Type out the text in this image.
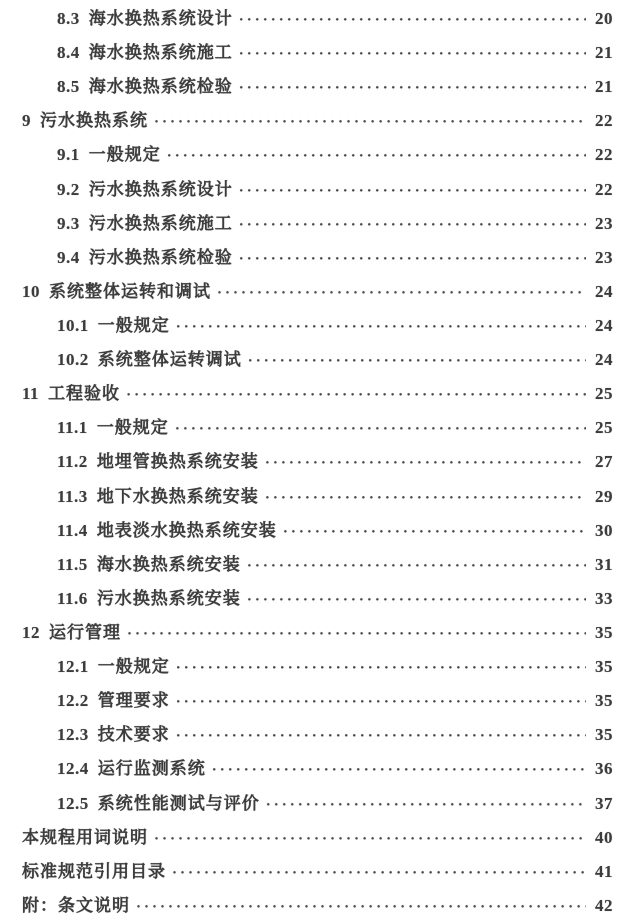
8.3 海水换热系统设计 ·····	20
8.4 海水换热系统施工 ·····	21
8.5 海水换热系统检验 ·····	21
9 污水换热系统 ·····	22
9.1 一般规定 ·····	22
9.2 污水换热系统设计 ·····	22
9.3 污水换热系统施工 ·····	23
9.4 污水换热系统检验 ·····	23
10 系统整体运转和调试 ·····	24
10.1 一般规定 ·····	24
10.2 系统整体运转调试 ·····	24
11 工程验收 ·····	25
11.1 一般规定 ·····	25
11.2 地埋管换热系统安装 ·····	27
11.3 地下水换热系统安装 ·····	29
11.4 地表淡水换热系统安装 ·····	30
11.5 海水换热系统安装 ·····	31
11.6 污水换热系统安装 ·····	33
12 运行管理 ·····	35
12.1 一般规定 ·····	35
12.2 管理要求 ·····	35
12.3 技术要求 ·····	35
12.4 运行监测系统 ·····	36
12.5 系统性能测试与评价 ·····	37
本规程用词说明 ·····	40
标准规范引用目录 ·····	41
附：条文说明 ·····	42
